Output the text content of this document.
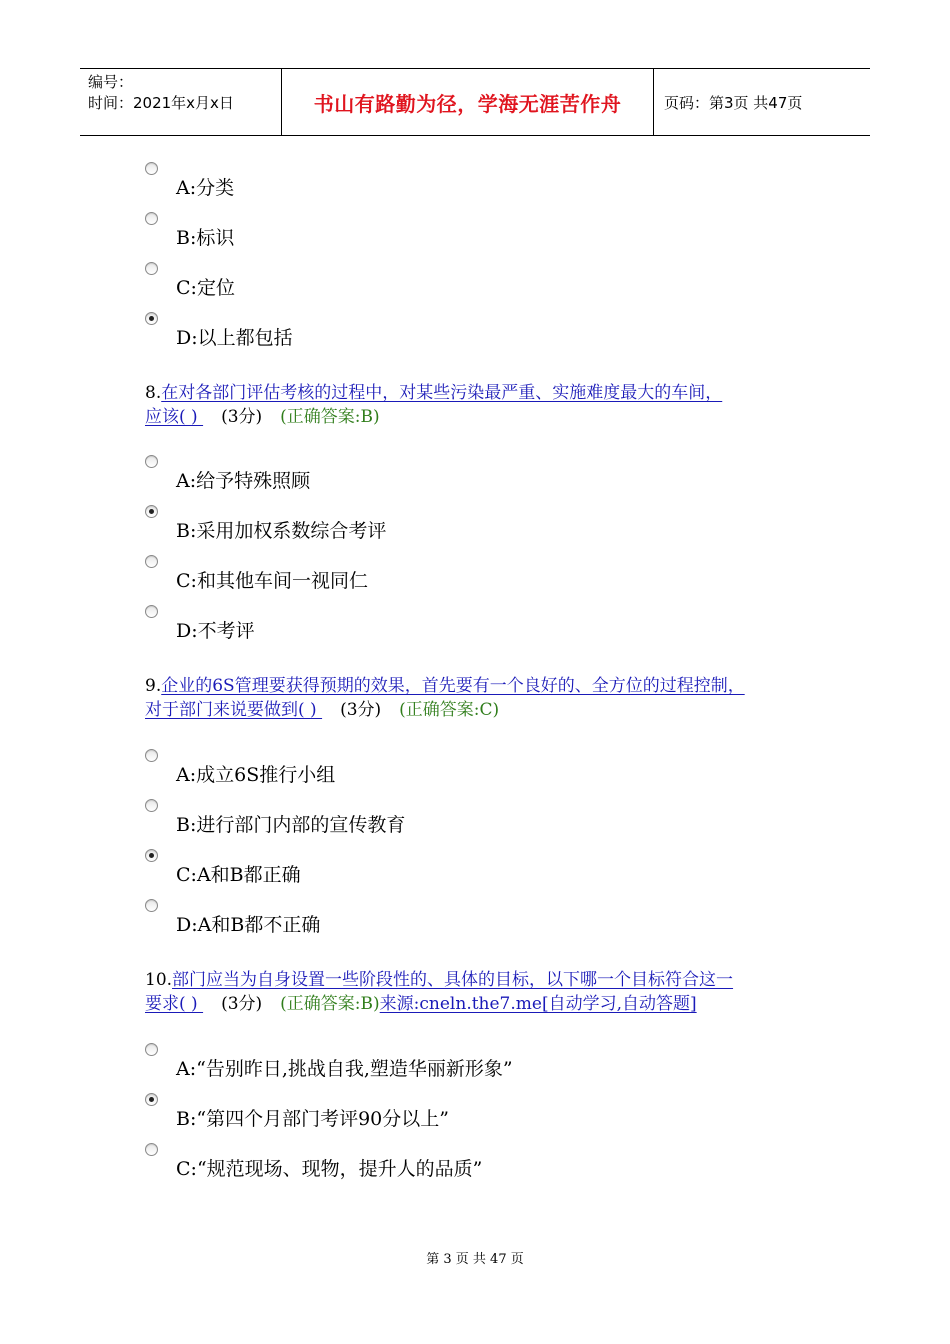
编号：
时间：2021年x月x日	书山有路勤为径，学海无涯苦作舟	页码：第3页 共47页
A:分类
B:标识
C:定位
D:以上都包括
8.在对各部门评估考核的过程中，对某些污染最严重、实施难度最大的车间，
应该( ) (3分) (正确答案:B)
A:给予特殊照顾
B:采用加权系数综合考评
C:和其他车间一视同仁
D:不考评
9.企业的6S管理要获得预期的效果，首先要有一个良好的、全方位的过程控制，
对于部门来说要做到( ) (3分) (正确答案:C)
A:成立6S推行小组
B:进行部门内部的宣传教育
C:A和B都正确
D:A和B都不正确
10.部门应当为自身设置一些阶段性的、具体的目标，以下哪一个目标符合这一
要求( ) (3分) (正确答案:B)来源:cneln.the7.me[自动学习,自动答题]
A:“告别昨日,挑战自我,塑造华丽新形象”
B:“第四个月部门考评90分以上”
C:“规范现场、现物，提升人的品质”
第 3 页 共 47 页
